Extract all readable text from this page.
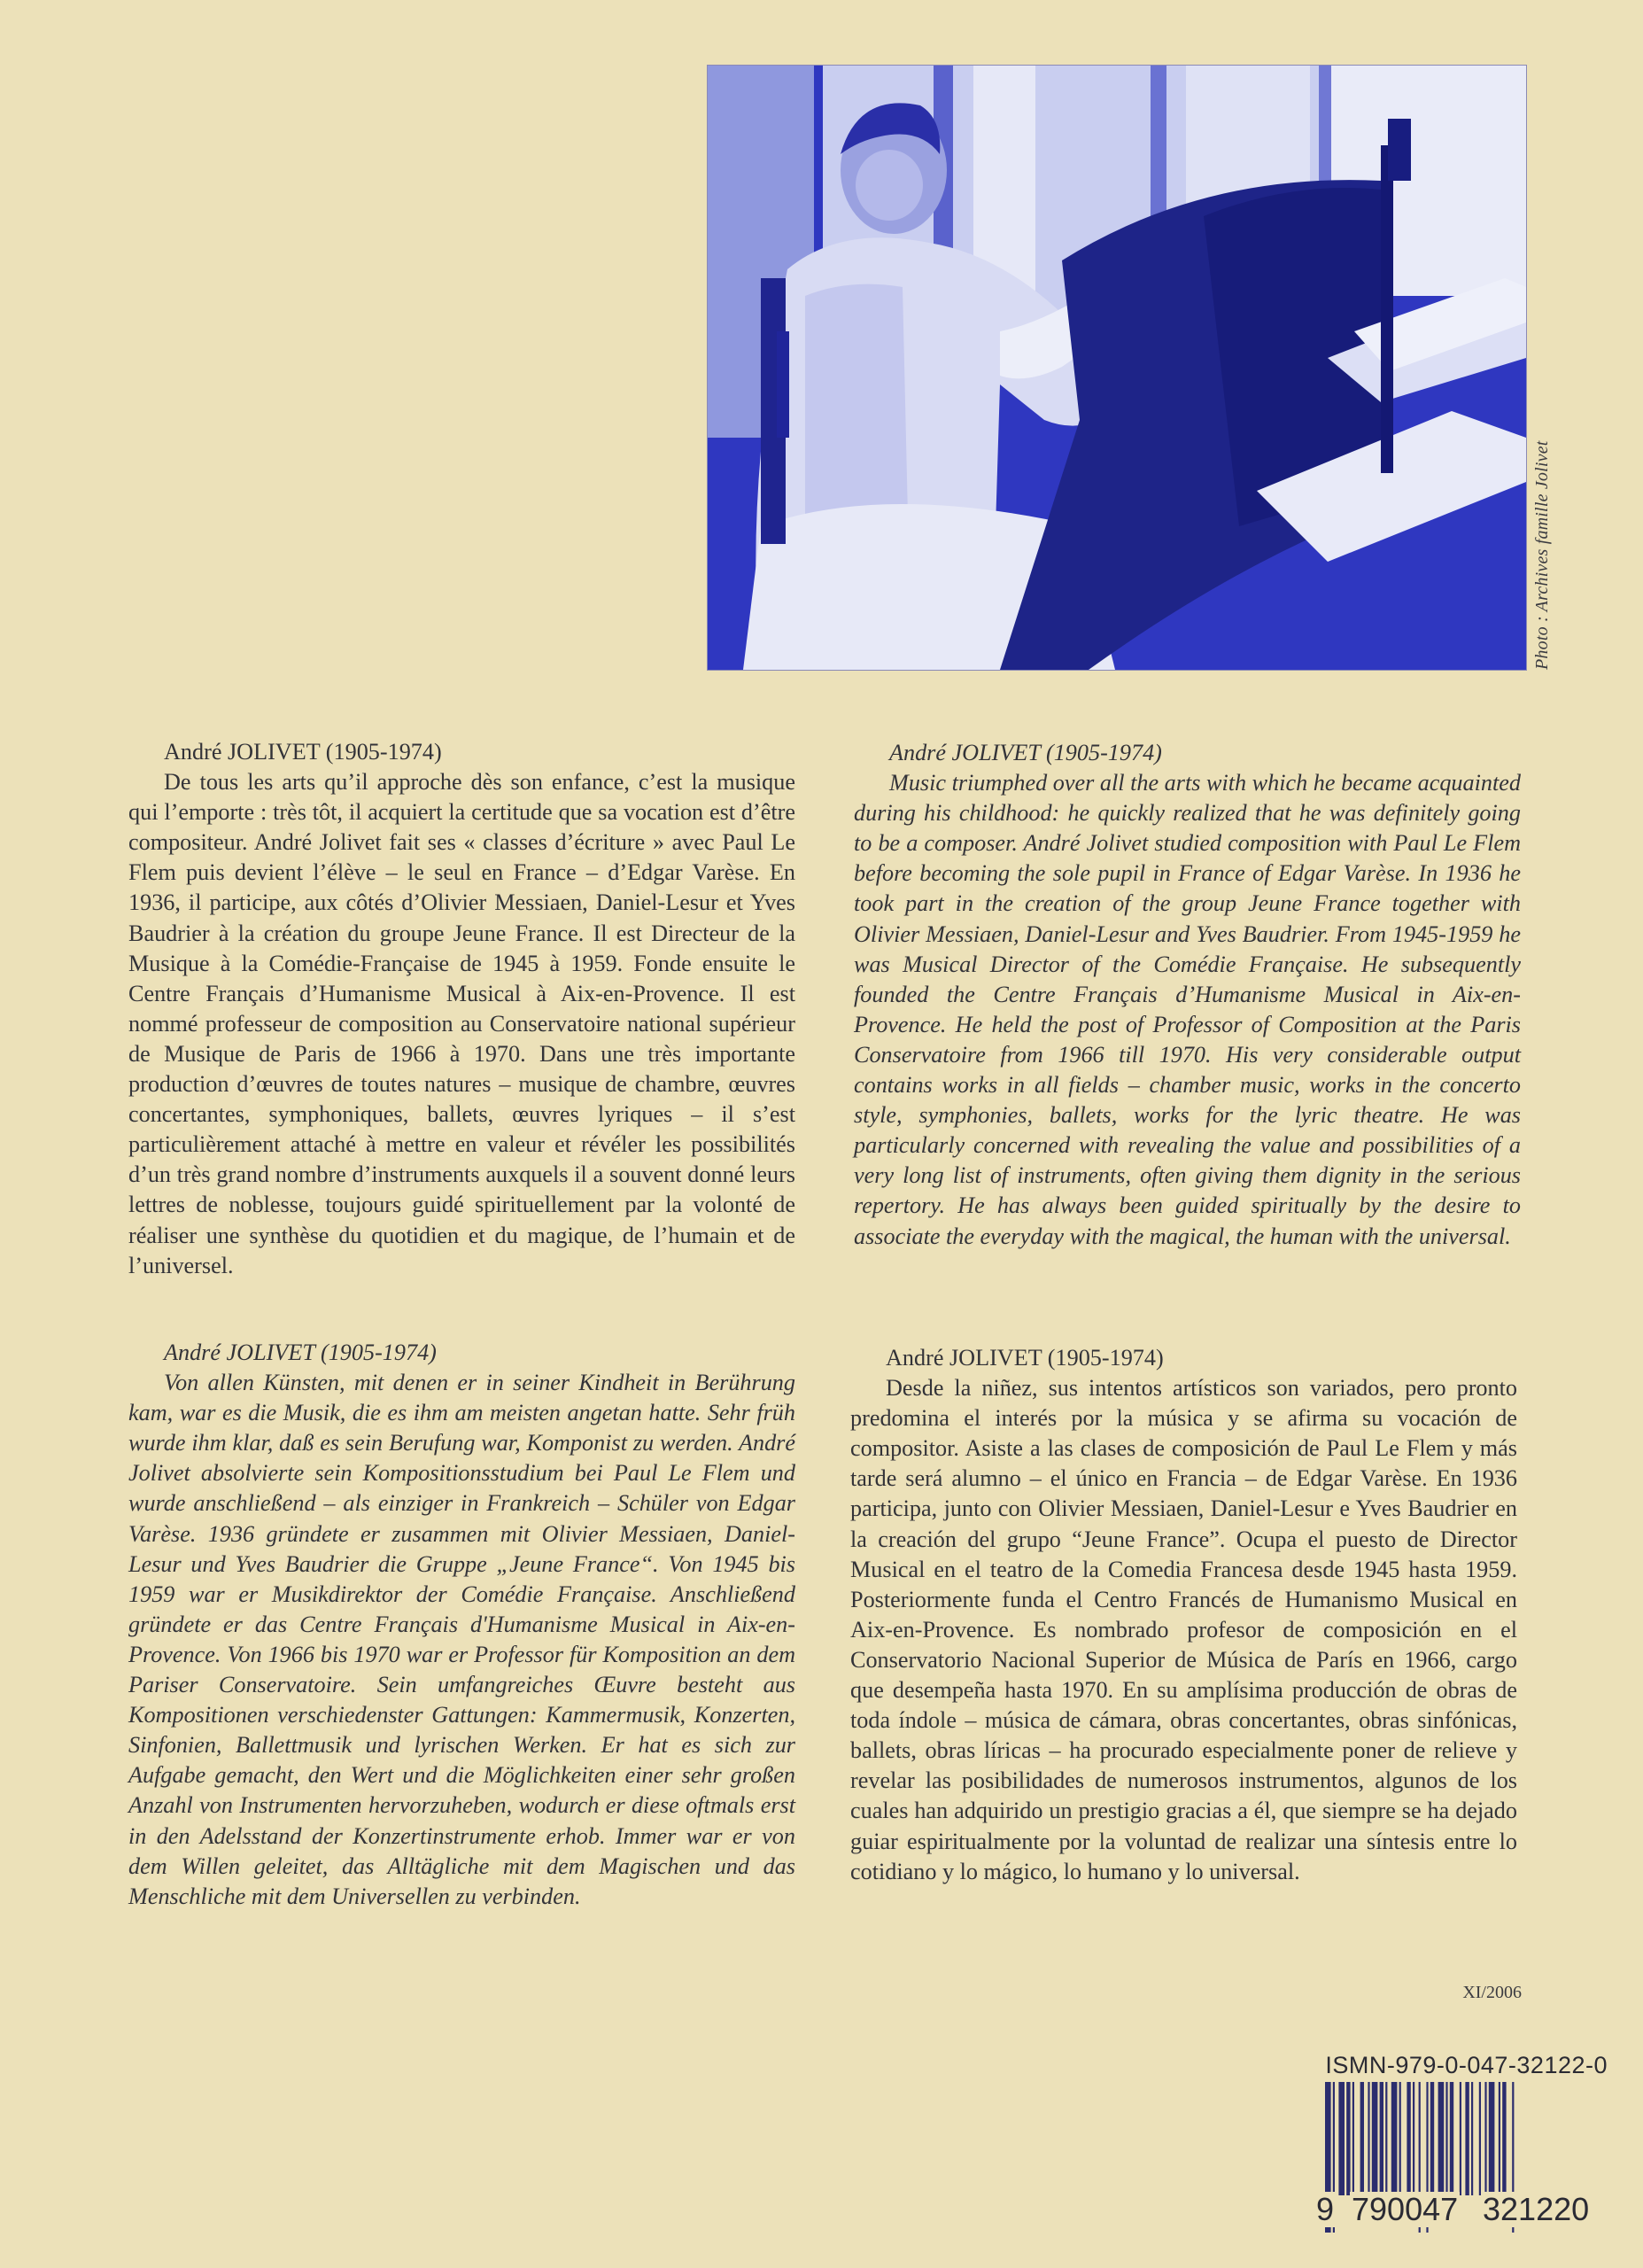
Photo : Archives famille Jolivet

André JOLIVET (1905-1974)

De tous les arts qu’il approche dès son enfance, c’est la musique qui l’emporte : très tôt, il acquiert la certitude que sa vocation est d’être compositeur. André Jolivet fait ses « classes d’écriture » avec Paul Le Flem puis devient l’élève – le seul en France – d’Edgar Varèse. En 1936, il participe, aux côtés d’Olivier Messiaen, Daniel-Lesur et Yves Baudrier à la création du groupe Jeune France. Il est Directeur de la Musique à la Comédie-Française de 1945 à 1959. Fonde ensuite le Centre Français d’Humanisme Musical à Aix-en-Provence. Il est nommé professeur de composition au Conservatoire national supérieur de Musique de Paris de 1966 à 1970. Dans une très importante production d’œuvres de toutes natures – musique de chambre, œuvres concertantes, symphoniques, ballets, œuvres lyriques – il s’est particulièrement attaché à mettre en valeur et révéler les possibilités d’un très grand nombre d’instruments auxquels il a souvent donné leurs lettres de noblesse, toujours guidé spirituellement par la volonté de réaliser une synthèse du quotidien et du magique, de l’humain et de l’universel.

André JOLIVET (1905-1974)

Music triumphed over all the arts with which he became acquainted during his childhood: he quickly realized that he was definitely going to be a composer. André Jolivet studied composition with Paul Le Flem before becoming the sole pupil in France of Edgar Varèse. In 1936 he took part in the creation of the group Jeune France together with Olivier Messiaen, Daniel-Lesur and Yves Baudrier. From 1945-1959 he was Musical Director of the Comédie Française. He subsequently founded the Centre Français d’Humanisme Musical in Aix-en-Provence. He held the post of Professor of Composition at the Paris Conservatoire from 1966 till 1970. His very considerable output contains works in all fields – chamber music, works in the concerto style, symphonies, ballets, works for the lyric theatre. He was particularly concerned with revealing the value and possibilities of a very long list of instruments, often giving them dignity in the serious repertory. He has always been guided spiritually by the desire to associate the everyday with the magical, the human with the universal.

André JOLIVET (1905-1974)

Von allen Künsten, mit denen er in seiner Kindheit in Berührung kam, war es die Musik, die es ihm am meisten angetan hatte. Sehr früh wurde ihm klar, daß es sein Berufung war, Komponist zu werden. André Jolivet absolvierte sein Kompositionsstudium bei Paul Le Flem und wurde anschließend – als einziger in Frankreich – Schüler von Edgar Varèse. 1936 gründete er zusammen mit Olivier Messiaen, Daniel-Lesur und Yves Baudrier die Gruppe „Jeune France“. Von 1945 bis 1959 war er Musikdirektor der Comédie Française. Anschließend gründete er das Centre Français d'Humanisme Musical in Aix-en-Provence. Von 1966 bis 1970 war er Professor für Komposition an dem Pariser Conservatoire. Sein umfangreiches Œuvre besteht aus Kompositionen verschiedenster Gattungen: Kammermusik, Konzerten, Sinfonien, Ballettmusik und lyrischen Werken. Er hat es sich zur Aufgabe gemacht, den Wert und die Möglichkeiten einer sehr großen Anzahl von Instrumenten hervorzuheben, wodurch er diese oftmals erst in den Adelsstand der Konzertinstrumente erhob. Immer war er von dem Willen geleitet, das Alltägliche mit dem Magischen und das Menschliche mit dem Universellen zu verbinden.

André JOLIVET (1905-1974)

Desde la niñez, sus intentos artísticos son variados, pero pronto predomina el interés por la música y se afirma su vocación de compositor. Asiste a las clases de composición de Paul Le Flem y más tarde será alumno – el único en Francia – de Edgar Varèse. En 1936 participa, junto con Olivier Messiaen, Daniel-Lesur e Yves Baudrier en la creación del grupo “Jeune France”. Ocupa el puesto de Director Musical en el teatro de la Comedia Francesa desde 1945 hasta 1959. Posteriormente funda el Centro Francés de Humanismo Musical en Aix-en-Provence. Es nombrado profesor de composición en el Conservatorio Nacional Superior de Música de París en 1966, cargo que desempeña hasta 1970. En su amplísima producción de obras de toda índole – música de cámara, obras concertantes, obras sinfónicas, ballets, obras líricas – ha procurado especialmente poner de relieve y revelar las posibilidades de numerosos instrumentos, algunos de los cuales han adquirido un prestigio gracias a él, que siempre se ha dejado guiar espiritualmente por la voluntad de realizar una síntesis entre lo cotidiano y lo mágico, lo humano y lo universal.

XI/2006
ISMN-979-0-047-32122-0
9 790047 321220
